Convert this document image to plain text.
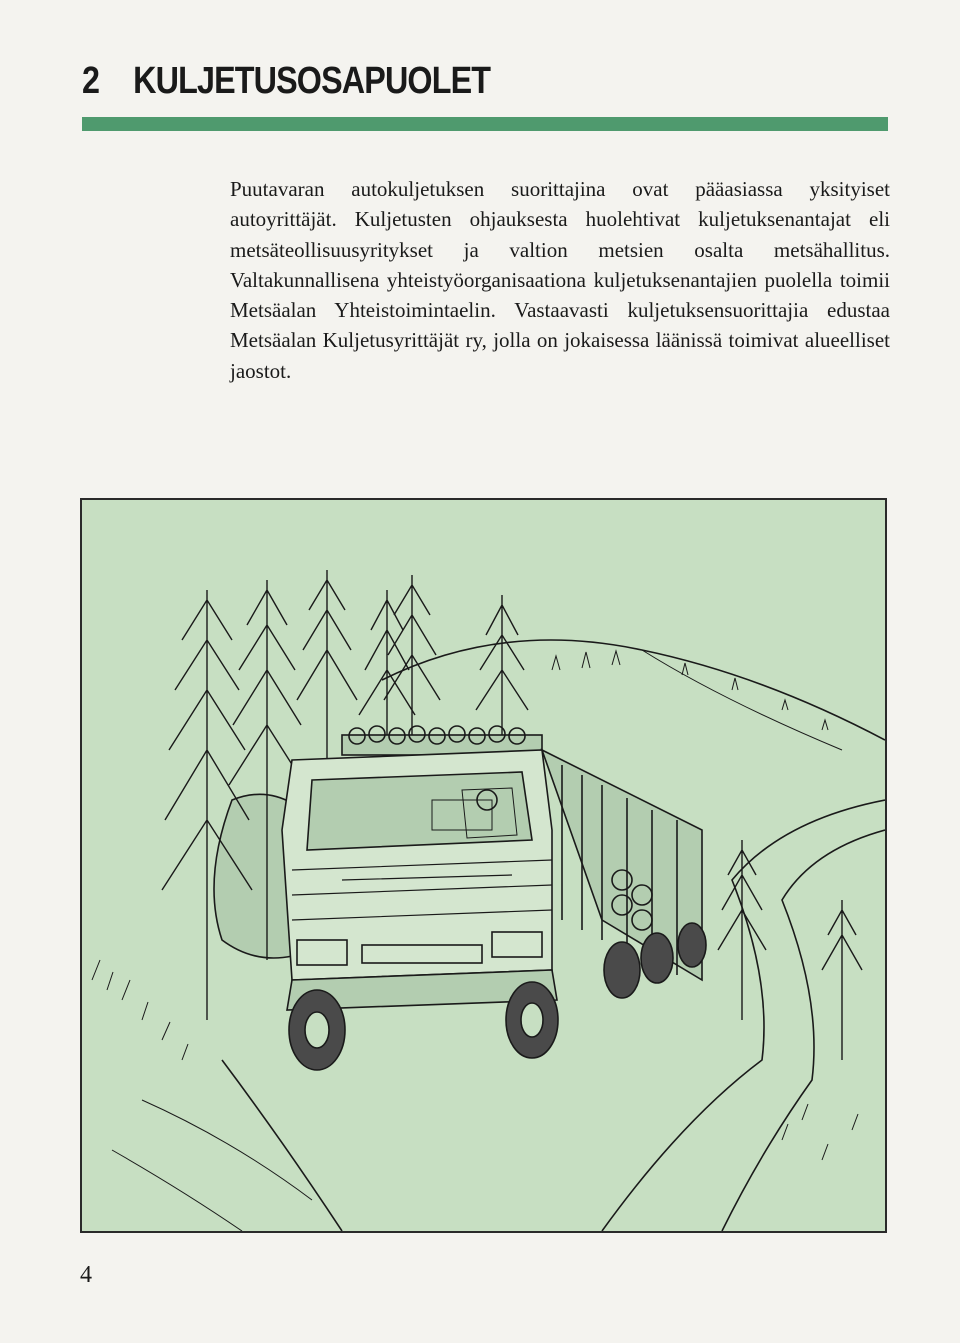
2 KULJETUSOSAPUOLET

Puutavaran autokuljetuksen suorittajina ovat pääasiassa yksityiset autoyrittäjät. Kuljetusten ohjauksesta huolehtivat kuljetuksenantajat eli metsäteollisuusyritykset ja valtion metsien osalta metsähallitus. Valtakunnallisena yhteistyöorganisaationa kuljetuksenantajien puolella toimii Metsäalan Yhteistoimintaelin. Vastaavasti kuljetuksensuorittajia edustaa Metsäalan Kuljetusyrittäjät ry, jolla on jokaisessa läänissä toimivat alueelliset jaostot.

4
